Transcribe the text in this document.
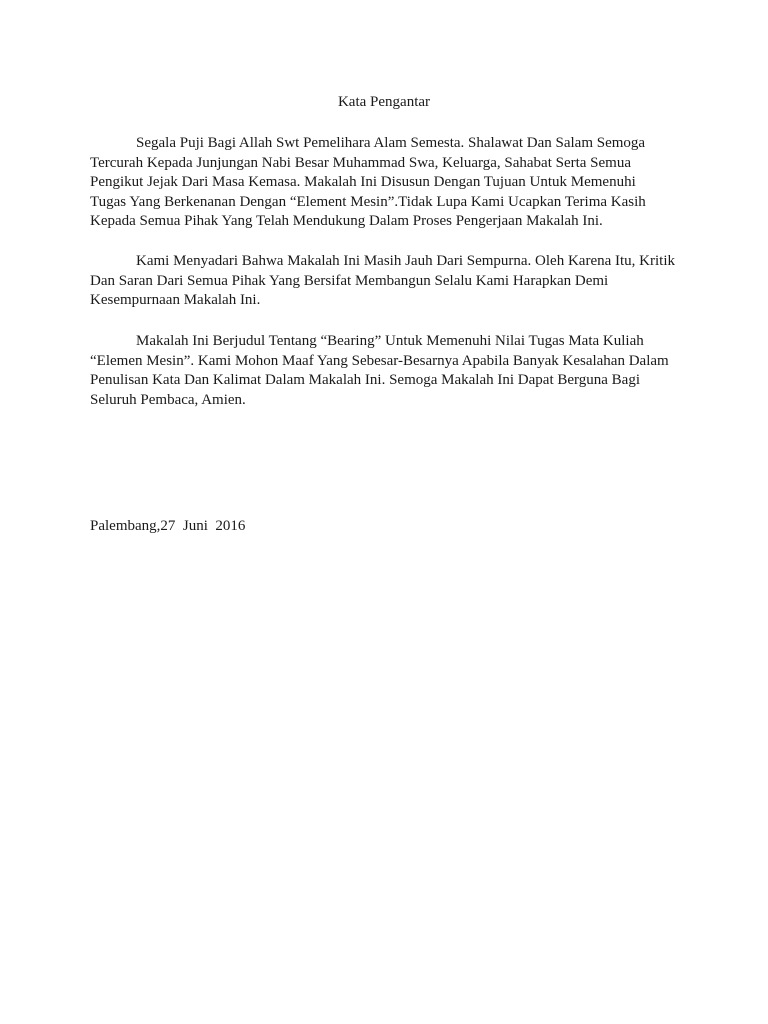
Kata Pengantar
Segala Puji Bagi Allah Swt Pemelihara Alam Semesta. Shalawat Dan Salam Semoga
Tercurah Kepada Junjungan Nabi Besar Muhammad Swa, Keluarga, Sahabat Serta Semua
Pengikut Jejak Dari Masa Kemasa. Makalah Ini Disusun Dengan Tujuan Untuk Memenuhi
Tugas Yang Berkenanan Dengan “Element Mesin”.Tidak Lupa Kami Ucapkan Terima Kasih
Kepada Semua Pihak Yang Telah Mendukung Dalam Proses Pengerjaan Makalah Ini.
Kami Menyadari Bahwa Makalah Ini Masih Jauh Dari Sempurna. Oleh Karena Itu, Kritik
Dan Saran Dari Semua Pihak Yang Bersifat Membangun Selalu Kami Harapkan Demi
Kesempurnaan Makalah Ini.
Makalah Ini Berjudul Tentang “Bearing” Untuk Memenuhi Nilai Tugas Mata Kuliah
“Elemen Mesin”. Kami Mohon Maaf Yang Sebesar-Besarnya Apabila Banyak Kesalahan Dalam
Penulisan Kata Dan Kalimat Dalam Makalah Ini. Semoga Makalah Ini Dapat Berguna Bagi
Seluruh Pembaca, Amien.

Palembang,27  Juni  2016
